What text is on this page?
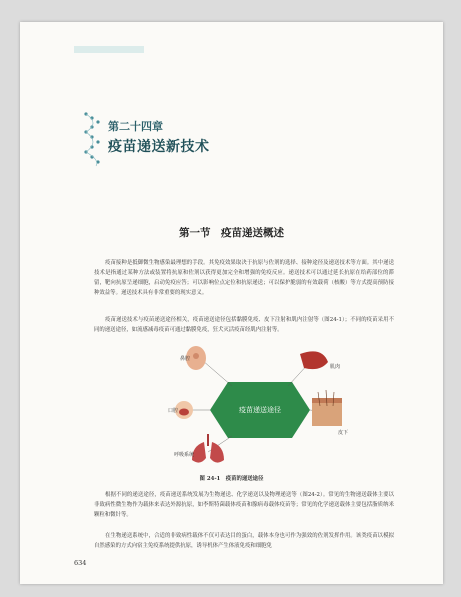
第二十四章
疫苗递送新技术
第一节　疫苗递送概述

疫苗接种是抵御微生物感染最理想的手段。其免疫效果取决于抗原与佐剂的选择、接种途径及递送技术等方面。其中递送技术是指通过某种方法或装置将抗原和佐剂以获得更加完全和增强的免疫反应。递送技术可以通过延长抗原在给药部位的滞留，靶向抗原呈递细胞，启动免疫应答；可以影响位点定位和抗原递送；可以保护脆弱的有效载荷（核酸）等方式提高预防接种效益等。递送技术具有非常重要的现实意义。

疫苗递送技术与疫苗递送途径相关，疫苗递送途径包括黏膜免疫、皮下注射和肌内注射等（图24-1）；不同的疫苗采用不同的递送途径，如流感减毒疫苗可通过黏膜免疫，狂犬灭活疫苗经肌内注射等。

疫苗递送途径
鼻腔
肌肉
口腔
皮下
呼吸系统
图 24-1　疫苗的递送途径

根据不同的递送途径，疫苗递送系统发展为生物递送、化学递送以及物理递送等（图24-2）。常见的生物递送载体主要以非致病性微生物作为载体来表达外源抗原，如李斯特菌载体疫苗和腺病毒载体疫苗等；常见的化学递送载体主要包括脂质纳米颗粒和微针等。

在生物递送系统中，合适的非致病性载体不仅可表达目的蛋白，载体本身也可作为强效的佐剂发挥作用。该类疫苗以模拟自然感染的方式向宿主免疫系统提供抗原，诱导机体产生体液免疫和细胞免

634
